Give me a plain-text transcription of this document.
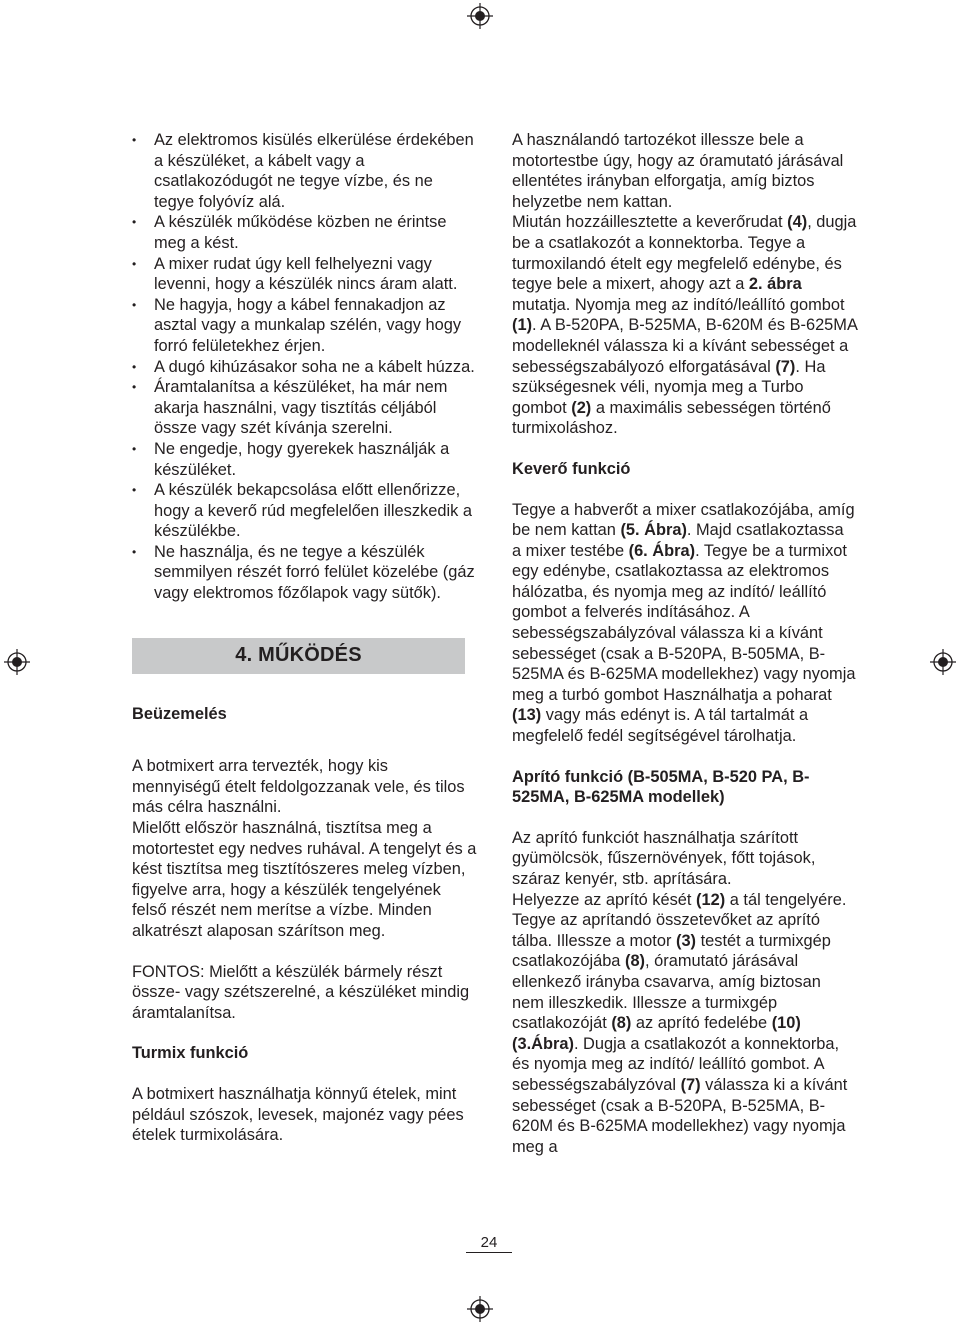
• Az elektromos kisülés elkerülése érdekében a készüléket, a kábelt vagy a csatlakozódugót ne tegye vízbe, és ne tegye folyóvíz alá.
• A készülék működése közben ne érintse meg a kést.
• A mixer rudat úgy kell felhelyezni vagy levenni, hogy a készülék nincs áram alatt.
• Ne hagyja, hogy a kábel fennakadjon az asztal vagy a munkalap szélén, vagy hogy forró felületekhez érjen.
• A dugó kihúzásakor soha ne a kábelt húzza.
• Áramtalanítsa a készüléket, ha már nem akarja használni, vagy tisztítás céljából össze vagy szét kívánja szerelni.
• Ne engedje, hogy gyerekek használják a készüléket.
• A készülék bekapcsolása előtt ellenőrizze, hogy a keverő rúd megfelelően illeszkedik a készülékbe.
• Ne használja, és ne tegye a készülék semmilyen részét forró felület közelébe (gáz vagy elektromos főzőlapok vagy sütők).
4. MŰKÖDÉS

Beüzemelés

A botmixert arra tervezték, hogy kis mennyiségű ételt feldolgozzanak vele, és tilos más célra használni.

Mielőtt először használná, tisztítsa meg a motortestet egy nedves ruhával. A tengelyt és a kést tisztítsa meg tisztítószeres meleg vízben, figyelve arra, hogy a készülék tengelyének felső részét nem merítse a vízbe. Minden alkatrészt alaposan szárítson meg.

FONTOS: Mielőtt a készülék bármely részt össze- vagy szétszerelné, a készüléket mindig áramtalanítsa.

Turmix funkció

A botmixert használhatja könnyű ételek, mint például szószok, levesek, majonéz vagy pées ételek turmixolására.

A használandó tartozékot illessze bele a motortestbe úgy, hogy az óramutató járásával ellentétes irányban elforgatja, amíg biztos helyzetbe nem kattan.

Miután hozzáillesztette a keverőrudat (4), dugja be a csatlakozót a konnektorba. Tegye a turmoxilandó ételt egy megfelelő edénybe, és tegye bele a mixert, ahogy azt a 2. ábra mutatja. Nyomja meg az indító/leállító gombot (1). A B-520PA, B-525MA, B-620M és B-625MA modelleknél válassza ki a kívánt sebességet a sebességszabályozó elforgatásával (7). Ha szükségesnek véli, nyomja meg a Turbo gombot (2) a maximális sebességen történő turmixoláshoz.

Keverő funkció

Tegye a habverőt a mixer csatlakozójába, amíg be nem kattan (5. Ábra). Majd csatlakoztassa a mixer testébe (6. Ábra). Tegye be a turmixot egy edénybe, csatlakoztassa az elektromos hálózatba, és nyomja meg az indító/ leállító gombot a felverés indításához. A sebességszabályzóval válassza ki a kívánt sebességet (csak a B-520PA, B-505MA, B-525MA és B-625MA modellekhez) vagy nyomja meg a turbó gombot Használhatja a poharat (13) vagy más edényt is. A tál tartalmát a megfelelő fedél segítségével tárolhatja.

Aprító funkció (B-505MA, B-520 PA, B-525MA, B-625MA modellek)

Az aprító funkciót használhatja szárított gyümölcsök, fűszernövények, főtt tojások, száraz kenyér, stb. aprítására.

Helyezze az aprító kését (12) a tál tengelyére. Tegye az aprítandó összetevőket az aprító tálba. Illessze a motor (3) testét a turmixgép csatlakozójába (8), óramutató járásával ellenkező irányba csavarva, amíg biztosan nem illeszkedik. Illessze a turmixgép csatlakozóját (8) az aprító fedelébe (10) (3.Ábra). Dugja a csatlakozót a konnektorba, és nyomja meg az indító/ leállító gombot. A sebességszabályzóval (7) válassza ki a kívánt sebességet (csak a B-520PA, B-525MA, B-620M és B-625MA modellekhez) vagy nyomja meg a

24
